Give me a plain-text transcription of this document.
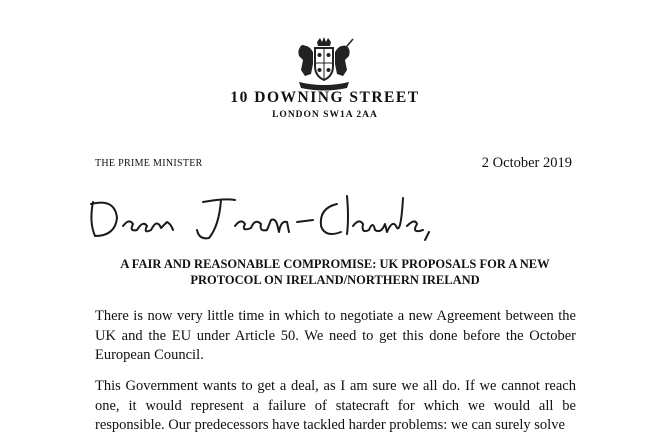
10 DOWNING STREET
LONDON SW1A 2AA
THE PRIME MINISTER	2 October 2019
A FAIR AND REASONABLE COMPROMISE: UK PROPOSALS FOR A NEW PROTOCOL ON IRELAND/NORTHERN IRELAND
There is now very little time in which to negotiate a new Agreement between the UK and the EU under Article 50. We need to get this done before the October European Council.
This Government wants to get a deal, as I am sure we all do. If we cannot reach one, it would represent a failure of statecraft for which we would all be responsible. Our predecessors have tackled harder problems: we can surely solve
